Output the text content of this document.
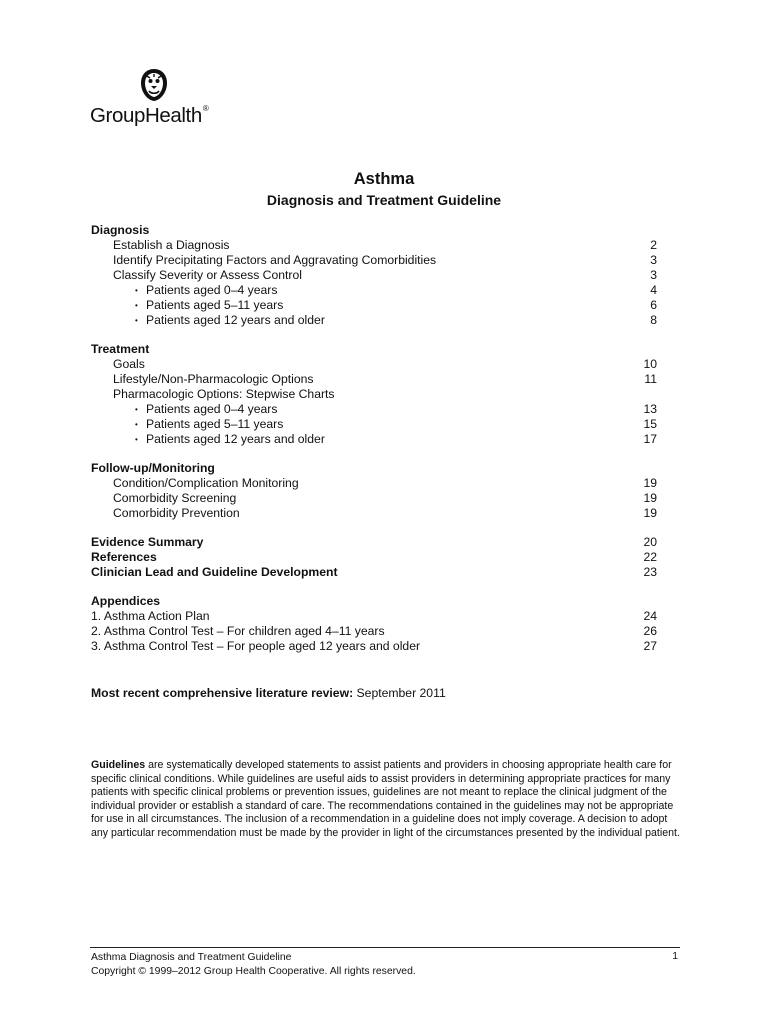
GroupHealth®
Asthma
Diagnosis and Treatment Guideline
Diagnosis
Establish a Diagnosis	2
Identify Precipitating Factors and Aggravating Comorbidities	3
Classify Severity or Assess Control	3
• Patients aged 0–4 years	4
• Patients aged 5–11 years	6
• Patients aged 12 years and older	8
Treatment
Goals	10
Lifestyle/Non-Pharmacologic Options	11
Pharmacologic Options: Stepwise Charts
• Patients aged 0–4 years	13
• Patients aged 5–11 years	15
• Patients aged 12 years and older	17
Follow-up/Monitoring
Condition/Complication Monitoring	19
Comorbidity Screening	19
Comorbidity Prevention	19
Evidence Summary	20
References	22
Clinician Lead and Guideline Development	23
Appendices
1. Asthma Action Plan	24
2. Asthma Control Test – For children aged 4–11 years	26
3. Asthma Control Test – For people aged 12 years and older	27
Most recent comprehensive literature review: September 2011
Guidelines are systematically developed statements to assist patients and providers in choosing appropriate health care for specific clinical conditions. While guidelines are useful aids to assist providers in determining appropriate practices for many patients with specific clinical problems or prevention issues, guidelines are not meant to replace the clinical judgment of the individual provider or establish a standard of care. The recommendations contained in the guidelines may not be appropriate for use in all circumstances. The inclusion of a recommendation in a guideline does not imply coverage. A decision to adopt any particular recommendation must be made by the provider in light of the circumstances presented by the individual patient.
Asthma Diagnosis and Treatment Guideline
Copyright © 1999–2012 Group Health Cooperative. All rights reserved.
1
